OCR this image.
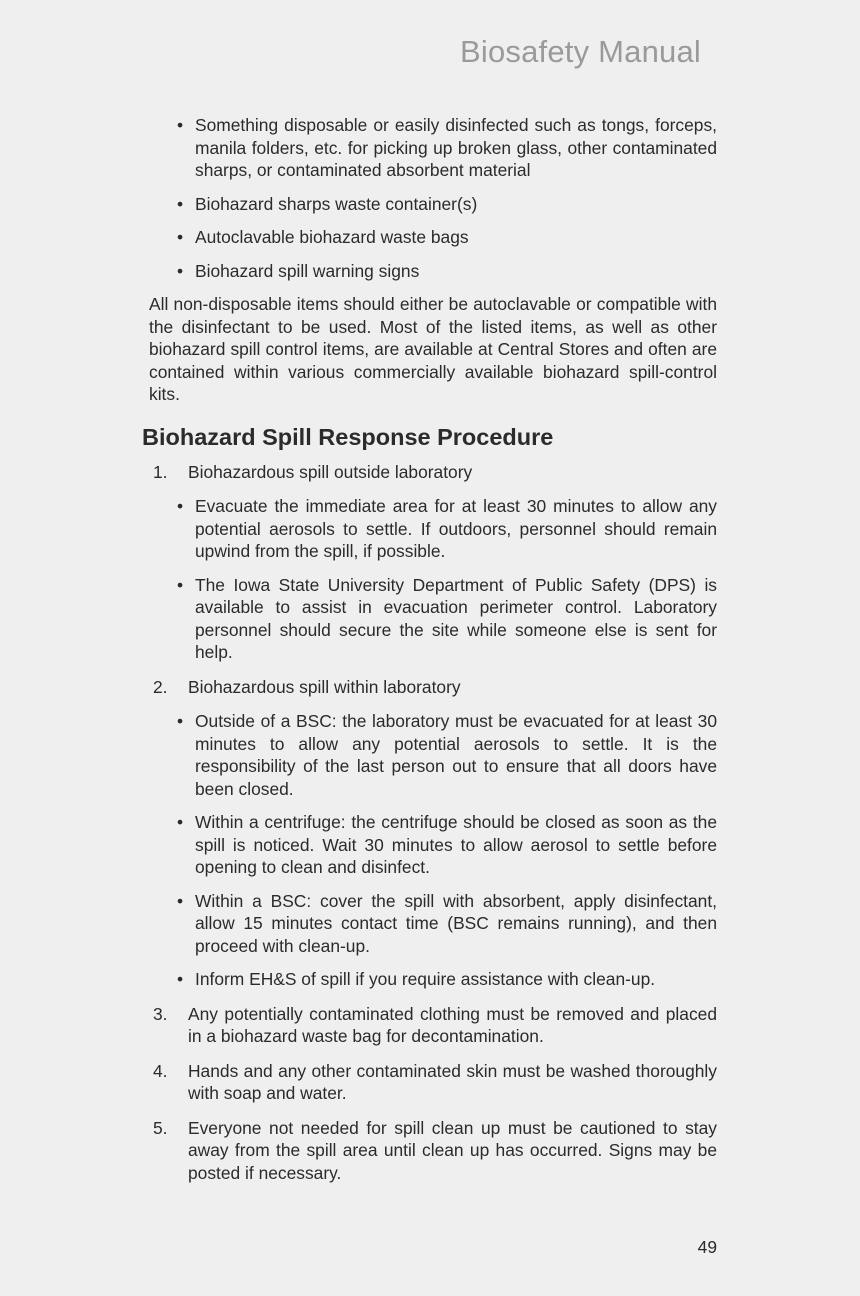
Biosafety Manual
• Something disposable or easily disinfected such as tongs, forceps, manila folders, etc. for picking up broken glass, other contaminated sharps, or contaminated absorbent material
• Biohazard sharps waste container(s)
• Autoclavable biohazard waste bags
• Biohazard spill warning signs

All non-disposable items should either be autoclavable or compatible with the disinfectant to be used. Most of the listed items, as well as other biohazard spill control items, are available at Central Stores and often are contained within various commercially available biohazard spill-control kits.

Biohazard Spill Response Procedure
1. Biohazardous spill outside laboratory
• Evacuate the immediate area for at least 30 minutes to allow any potential aerosols to settle. If outdoors, personnel should remain upwind from the spill, if possible.
• The Iowa State University Department of Public Safety (DPS) is available to assist in evacuation perimeter control. Laboratory personnel should secure the site while someone else is sent for help.
2. Biohazardous spill within laboratory
• Outside of a BSC: the laboratory must be evacuated for at least 30 minutes to allow any potential aerosols to settle. It is the responsibility of the last person out to ensure that all doors have been closed.
• Within a centrifuge: the centrifuge should be closed as soon as the spill is noticed. Wait 30 minutes to allow aerosol to settle before opening to clean and disinfect.
• Within a BSC: cover the spill with absorbent, apply disinfectant, allow 15 minutes contact time (BSC remains running), and then proceed with clean-up.
• Inform EH&S of spill if you require assistance with clean-up.
3. Any potentially contaminated clothing must be removed and placed in a biohazard waste bag for decontamination.
4. Hands and any other contaminated skin must be washed thoroughly with soap and water.
5. Everyone not needed for spill clean up must be cautioned to stay away from the spill area until clean up has occurred. Signs may be posted if necessary.
49
